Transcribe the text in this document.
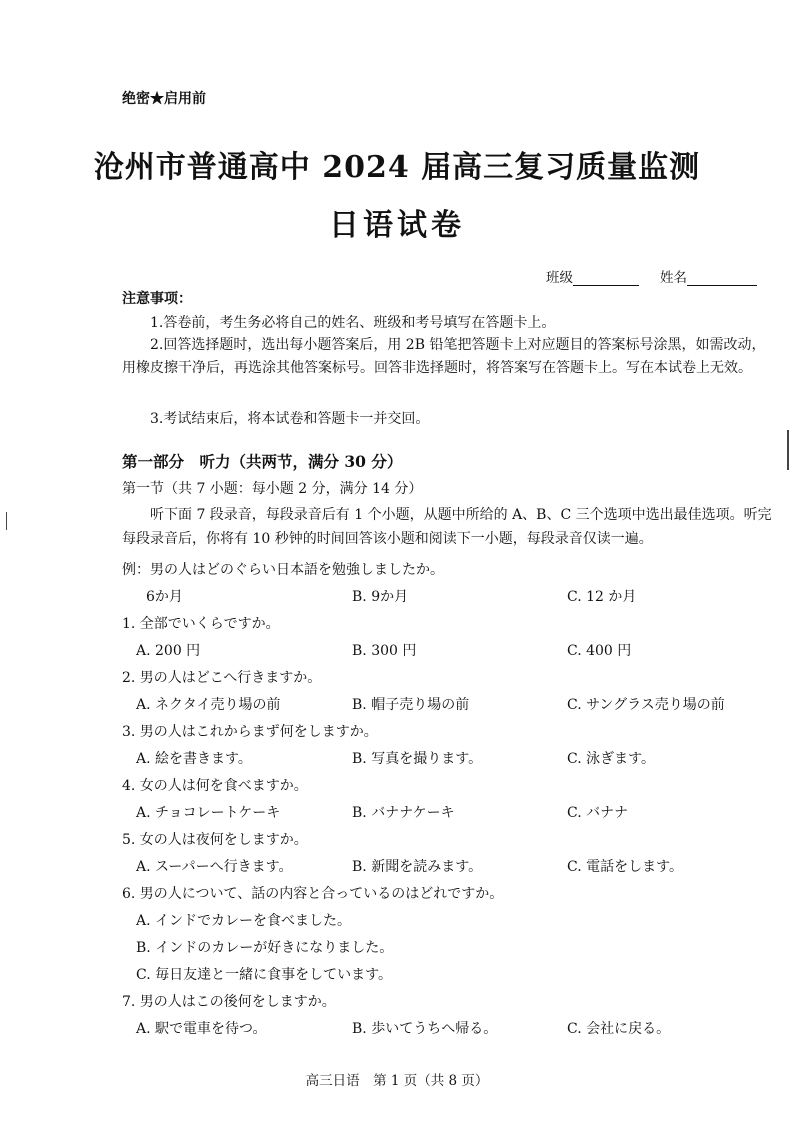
绝密★启用前
沧州市普通高中 2024 届高三复习质量监测
日语试卷
班级	姓名
注意事项：
1.答卷前，考生务必将自己的姓名、班级和考号填写在答题卡上。
2.回答选择题时，选出每小题答案后，用 2B 铅笔把答题卡上对应题目的答案标号涂黑，如需改动，用橡皮擦干净后，再选涂其他答案标号。回答非选择题时，将答案写在答题卡上。写在本试卷上无效。
3.考试结束后，将本试卷和答题卡一并交回。
第一部分　听力（共两节，满分 30 分）
第一节（共 7 小题：每小题 2 分，满分 14 分）
听下面 7 段录音，每段录音后有 1 个小题，从题中所给的 A、B、C 三个选项中选出最佳选项。听完每段录音后，你将有 10 秒钟的时间回答该小题和阅读下一小题，每段录音仅读一遍。
例：男の人はどのぐらい日本語を勉強しましたか。
6か月	B. 9か月	C. 12 か月
1. 全部でいくらですか。
A. 200 円	B. 300 円	C. 400 円
2. 男の人はどこへ行きますか。
A. ネクタイ売り場の前	B. 帽子売り場の前	C. サングラス売り場の前
3. 男の人はこれからまず何をしますか。
A. 絵を書きます。	B. 写真を撮ります。	C. 泳ぎます。
4. 女の人は何を食べますか。
A. チョコレートケーキ	B. バナナケーキ	C. バナナ
5. 女の人は夜何をしますか。
A. スーパーへ行きます。	B. 新聞を読みます。	C. 電話をします。
6. 男の人について、話の内容と合っているのはどれですか。
A. インドでカレーを食べました。
B. インドのカレーが好きになりました。
C. 毎日友達と一緒に食事をしています。
7. 男の人はこの後何をしますか。
A. 駅で電車を待つ。	B. 歩いてうちへ帰る。	C. 会社に戻る。
高三日语　第 1 页（共 8 页）
